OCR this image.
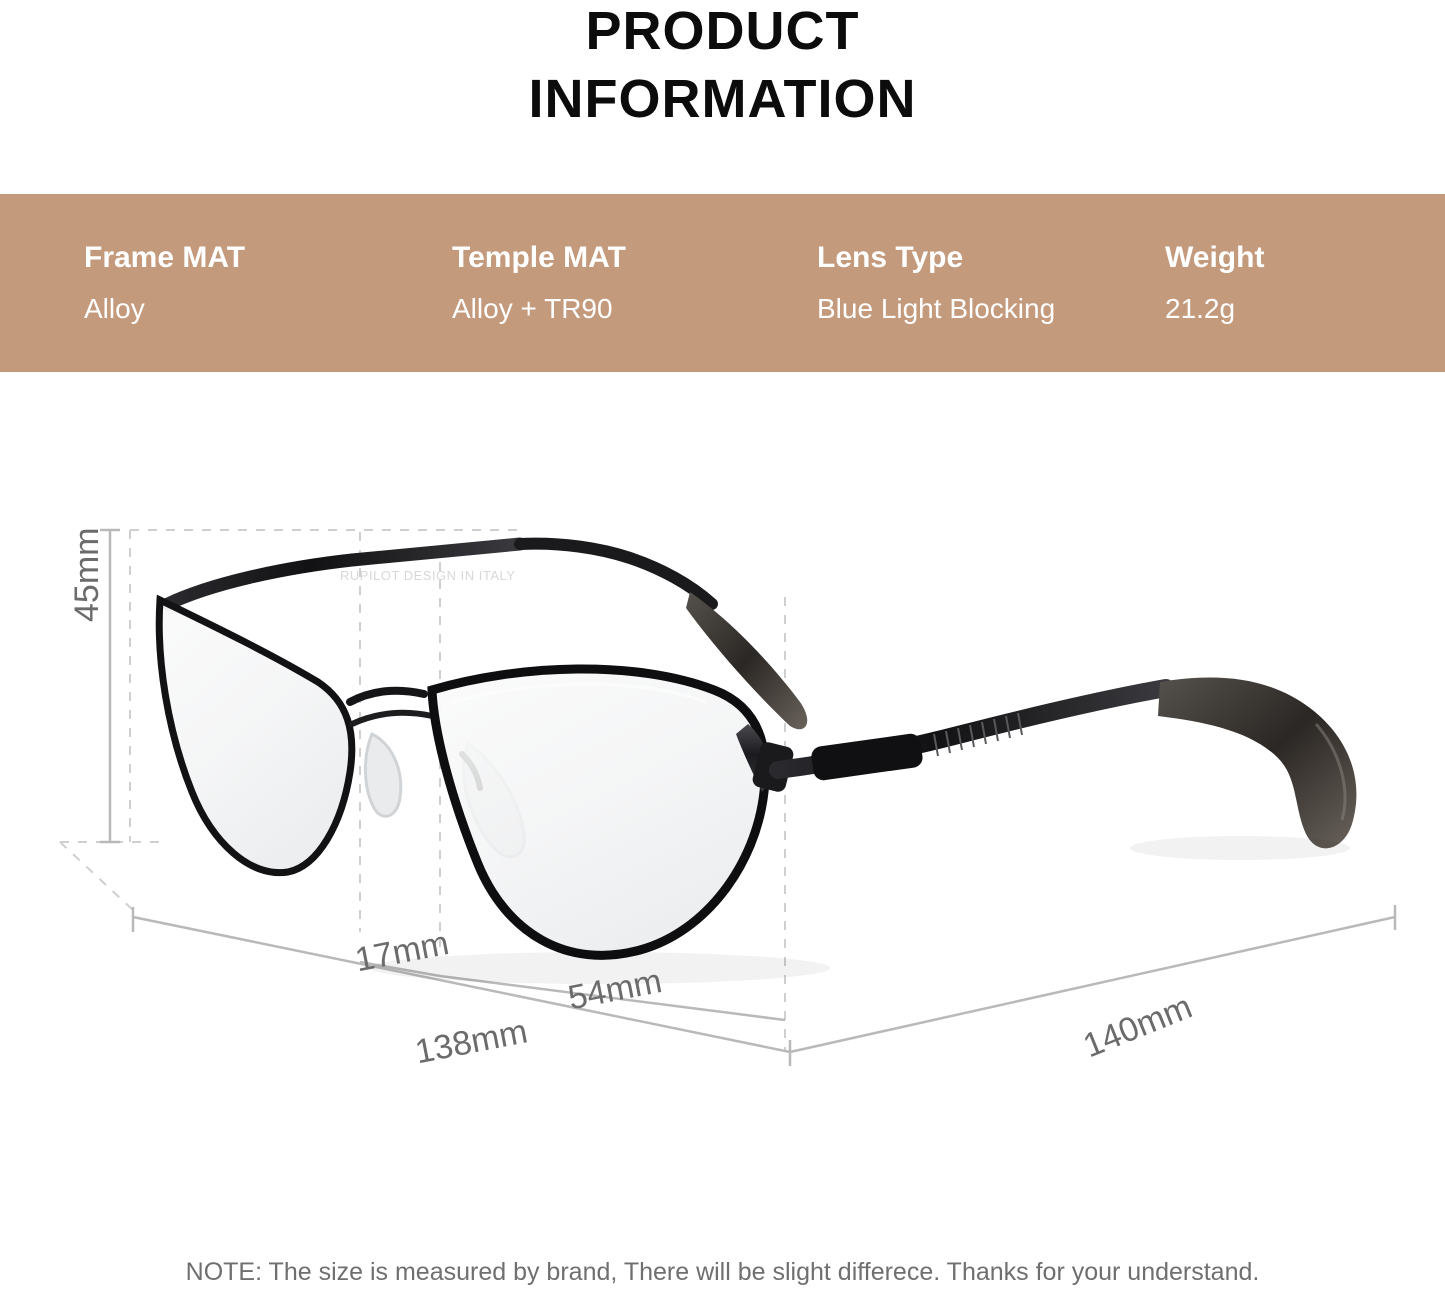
PRODUCT
INFORMATION
Frame MAT
Alloy
Temple MAT
Alloy + TR90
Lens Type
Blue Light Blocking
Weight
21.2g
RUPILOT DESIGN IN ITALY
45mm
17mm
54mm
138mm	140mm
NOTE: The size is measured by brand, There will be slight differece. Thanks for your understand.
